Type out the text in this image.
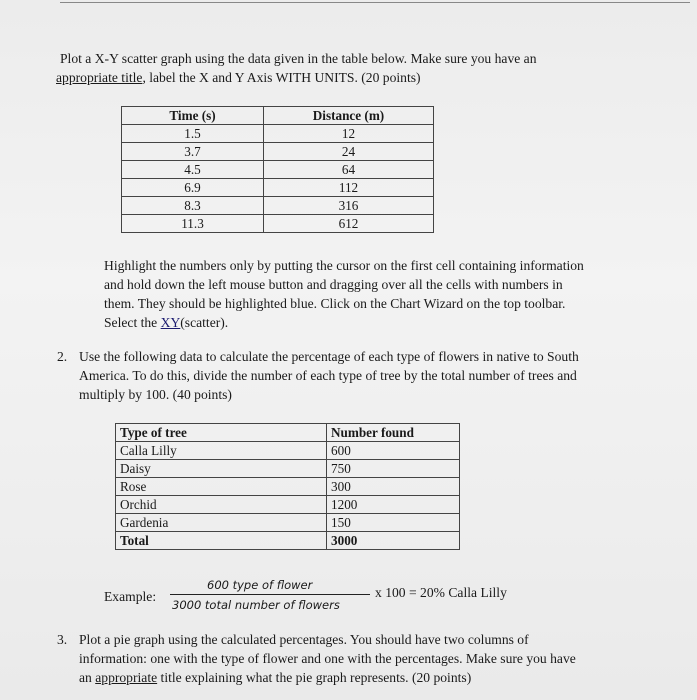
Plot a X-Y scatter graph using the data given in the table below. Make sure you have an
appropriate title, label the X and Y Axis WITH UNITS. (20 points)
Time (s)	Distance (m)
1.5	12
3.7	24
4.5	64
6.9	112
8.3	316
11.3	612
Highlight the numbers only by putting the cursor on the first cell containing information
and hold down the left mouse button and dragging over all the cells with numbers in
them. They should be highlighted blue. Click on the Chart Wizard on the top toolbar.
Select the XY(scatter).
2. Use the following data to calculate the percentage of each type of flowers in native to South
America. To do this, divide the number of each type of tree by the total number of trees and
multiply by 100. (40 points)
Type of tree	Number found
Calla Lilly	600
Daisy	750
Rose	300
Orchid	1200
Gardenia	150
Total	3000
Example:
600 type of flower
3000 total number of flowers
x 100 = 20% Calla Lilly
3. Plot a pie graph using the calculated percentages. You should have two columns of
information: one with the type of flower and one with the percentages. Make sure you have
an appropriate title explaining what the pie graph represents. (20 points)
